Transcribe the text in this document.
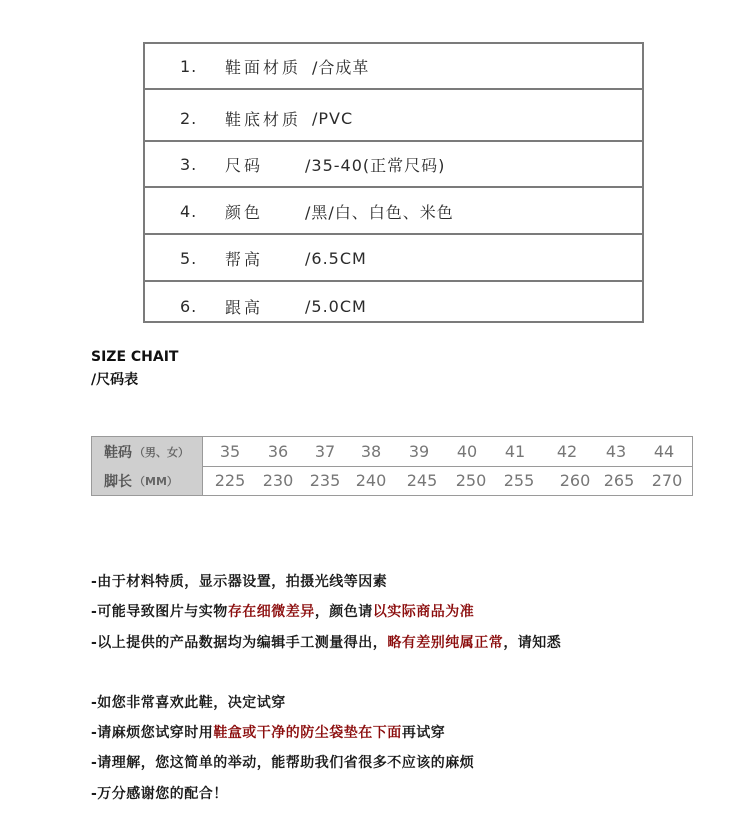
1. 鞋面材质 /合成革
2. 鞋底材质 /PVC
3. 尺码	/35-40(正常尺码)
4. 颜色	/黑/白、白色、米色
5. 帮高	/6.5CM
6. 跟高	/5.0CM
SIZE CHAIT
/尺码表
鞋码 （男、女）	35	36	37	38	39	40	41	42	43	44
脚长 （MM）	225	230	235 240	245	250	255	260 265	270
-由于材料特质，显示器设置，拍摄光线等因素
-可能导致图片与实物存在细微差异，颜色请以实际商品为准
-以上提供的产品数据均为编辑手工测量得出，略有差别纯属正常，请知悉
-如您非常喜欢此鞋，决定试穿
-请麻烦您试穿时用鞋盒或干净的防尘袋垫在下面再试穿
-请理解，您这简单的举动，能帮助我们省很多不应该的麻烦
-万分感谢您的配合！
